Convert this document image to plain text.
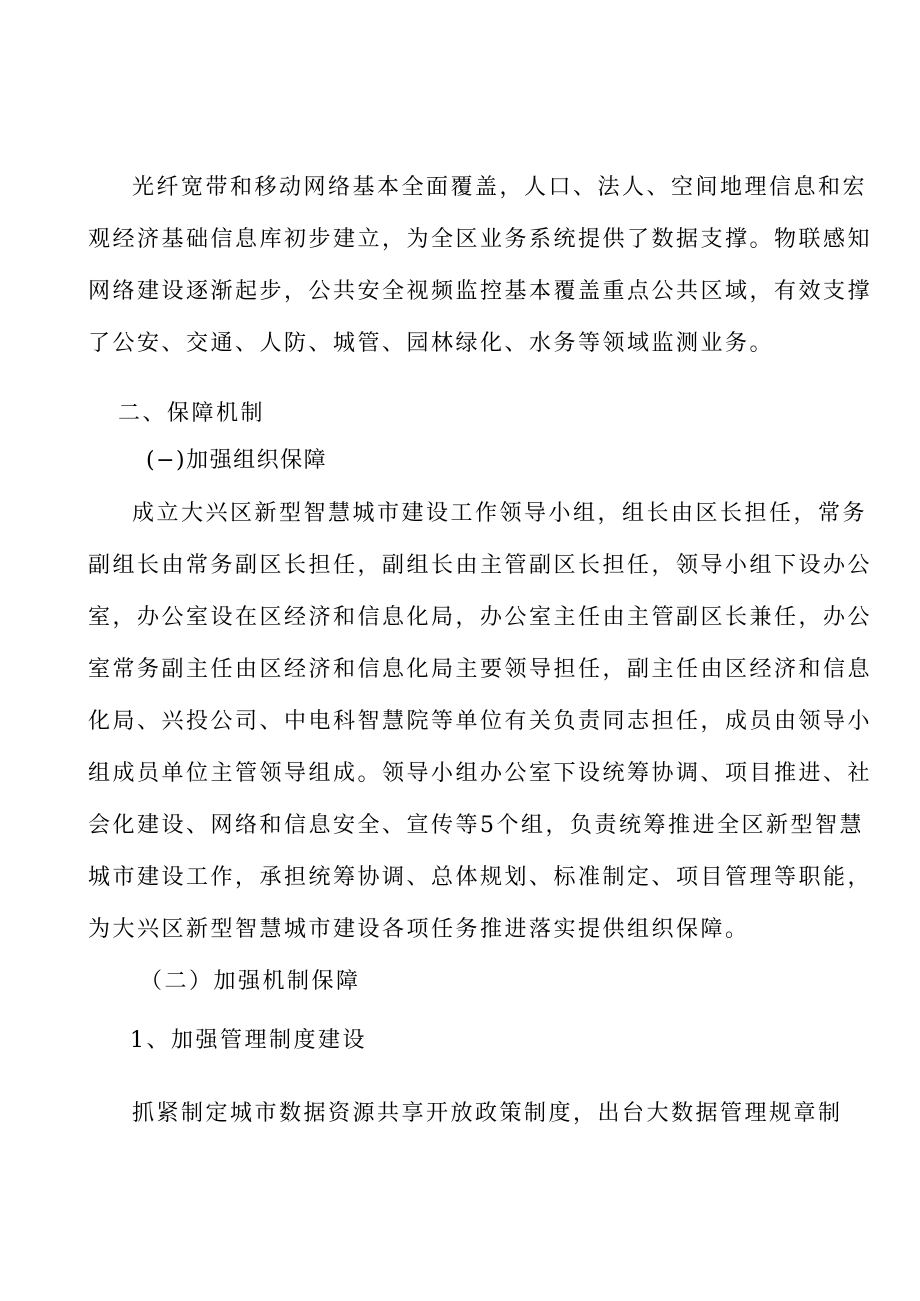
光纤宽带和移动网络基本全面覆盖，人口、法人、空间地理信息和宏
观经济基础信息库初步建立，为全区业务系统提供了数据支撑。物联感知
网络建设逐渐起步，公共安全视频监控基本覆盖重点公共区域，有效支撑
了公安、交通、人防、城管、园林绿化、水务等领域监测业务。
二、保障机制
(−)加强组织保障
成立大兴区新型智慧城市建设工作领导小组，组长由区长担任，常务
副组长由常务副区长担任，副组长由主管副区长担任，领导小组下设办公
室，办公室设在区经济和信息化局，办公室主任由主管副区长兼任，办公
室常务副主任由区经济和信息化局主要领导担任，副主任由区经济和信息
化局、兴投公司、中电科智慧院等单位有关负责同志担任，成员由领导小
组成员单位主管领导组成。领导小组办公室下设统筹协调、项目推进、社
会化建设、网络和信息安全、宣传等5个组，负责统筹推进全区新型智慧
城市建设工作，承担统筹协调、总体规划、标准制定、项目管理等职能，
为大兴区新型智慧城市建设各项任务推进落实提供组织保障。
（二）加强机制保障
1、加强管理制度建设
抓紧制定城市数据资源共享开放政策制度，出台大数据管理规章制
